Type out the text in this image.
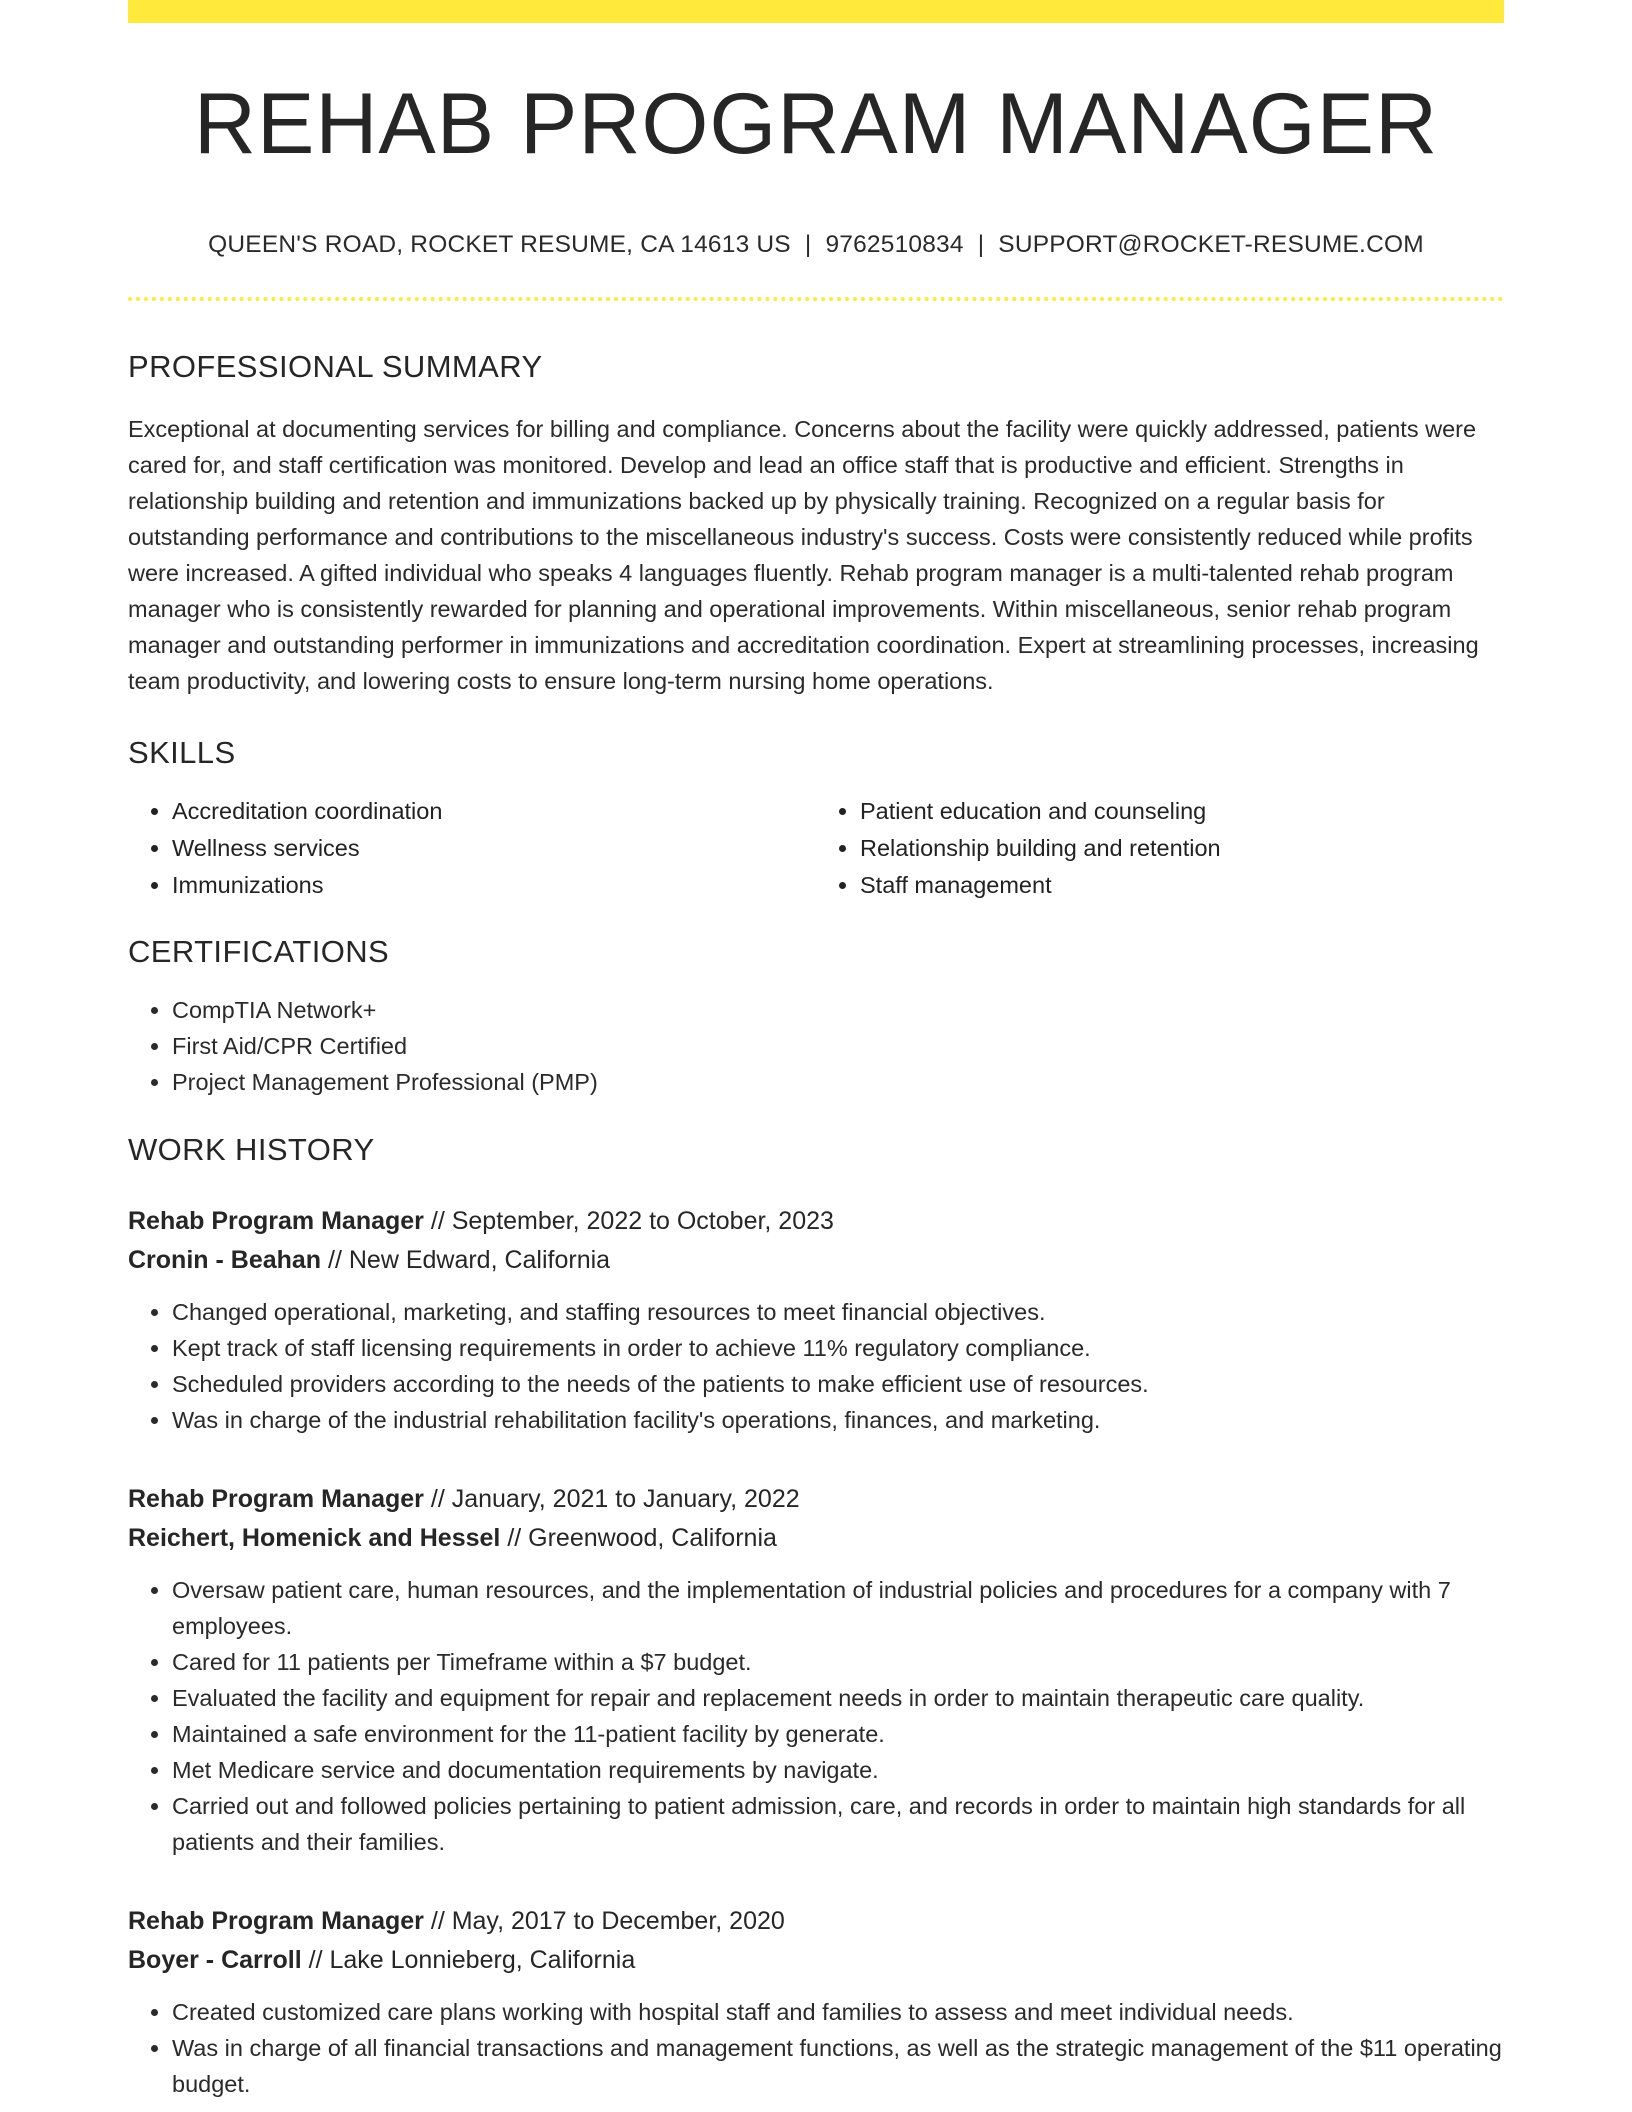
REHAB PROGRAM MANAGER
QUEEN'S ROAD, ROCKET RESUME, CA 14613 US | 9762510834 | SUPPORT@ROCKET-RESUME.COM
PROFESSIONAL SUMMARY
Exceptional at documenting services for billing and compliance. Concerns about the facility were quickly addressed, patients were cared for, and staff certification was monitored. Develop and lead an office staff that is productive and efficient. Strengths in relationship building and retention and immunizations backed up by physically training. Recognized on a regular basis for outstanding performance and contributions to the miscellaneous industry's success. Costs were consistently reduced while profits were increased. A gifted individual who speaks 4 languages fluently. Rehab program manager is a multi-talented rehab program manager who is consistently rewarded for planning and operational improvements. Within miscellaneous, senior rehab program manager and outstanding performer in immunizations and accreditation coordination. Expert at streamlining processes, increasing team productivity, and lowering costs to ensure long-term nursing home operations.
SKILLS
• Accreditation coordination
• Wellness services
• Immunizations
• Patient education and counseling
• Relationship building and retention
• Staff management
CERTIFICATIONS
• CompTIA Network+
• First Aid/CPR Certified
• Project Management Professional (PMP)
WORK HISTORY
Rehab Program Manager // September, 2022 to October, 2023
Cronin - Beahan // New Edward, California
• Changed operational, marketing, and staffing resources to meet financial objectives.
• Kept track of staff licensing requirements in order to achieve 11% regulatory compliance.
• Scheduled providers according to the needs of the patients to make efficient use of resources.
• Was in charge of the industrial rehabilitation facility's operations, finances, and marketing.
Rehab Program Manager // January, 2021 to January, 2022
Reichert, Homenick and Hessel // Greenwood, California
• Oversaw patient care, human resources, and the implementation of industrial policies and procedures for a company with 7 employees.
• Cared for 11 patients per Timeframe within a $7 budget.
• Evaluated the facility and equipment for repair and replacement needs in order to maintain therapeutic care quality.
• Maintained a safe environment for the 11-patient facility by generate.
• Met Medicare service and documentation requirements by navigate.
• Carried out and followed policies pertaining to patient admission, care, and records in order to maintain high standards for all patients and their families.
Rehab Program Manager // May, 2017 to December, 2020
Boyer - Carroll // Lake Lonnieberg, California
• Created customized care plans working with hospital staff and families to assess and meet individual needs.
• Was in charge of all financial transactions and management functions, as well as the strategic management of the $11 operating budget.
